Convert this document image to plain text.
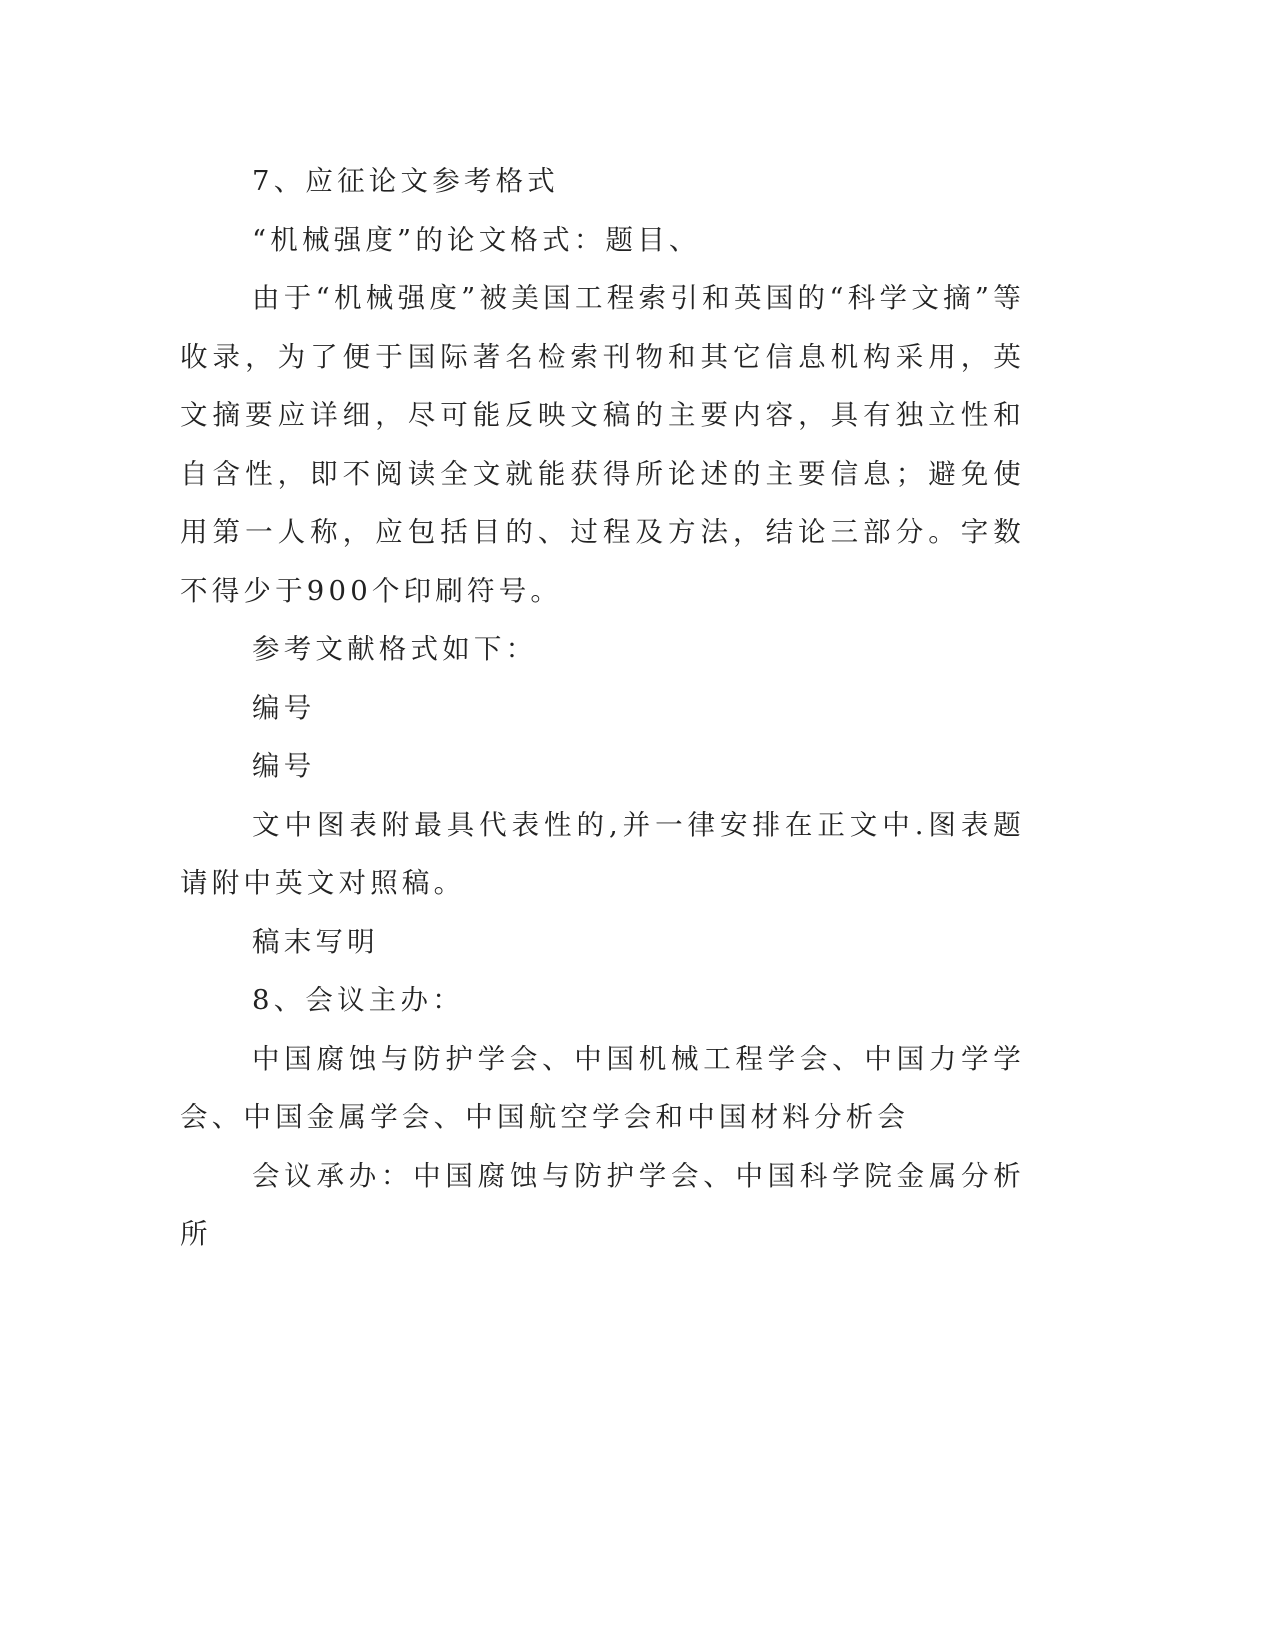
7、应征论文参考格式

“机械强度”的论文格式：题目、

由于“机械强度”被美国工程索引和英国的“科学文摘”等收录，为了便于国际著名检索刊物和其它信息机构采用，英文摘要应详细，尽可能反映文稿的主要内容，具有独立性和自含性，即不阅读全文就能获得所论述的主要信息；避免使用第一人称，应包括目的、过程及方法，结论三部分。字数不得少于900个印刷符号。

参考文献格式如下：

编号

编号

文中图表附最具代表性的,并一律安排在正文中.图表题请附中英文对照稿。

稿末写明

8、会议主办：

中国腐蚀与防护学会、中国机械工程学会、中国力学学会、中国金属学会、中国航空学会和中国材料分析会

会议承办：中国腐蚀与防护学会、中国科学院金属分析所
